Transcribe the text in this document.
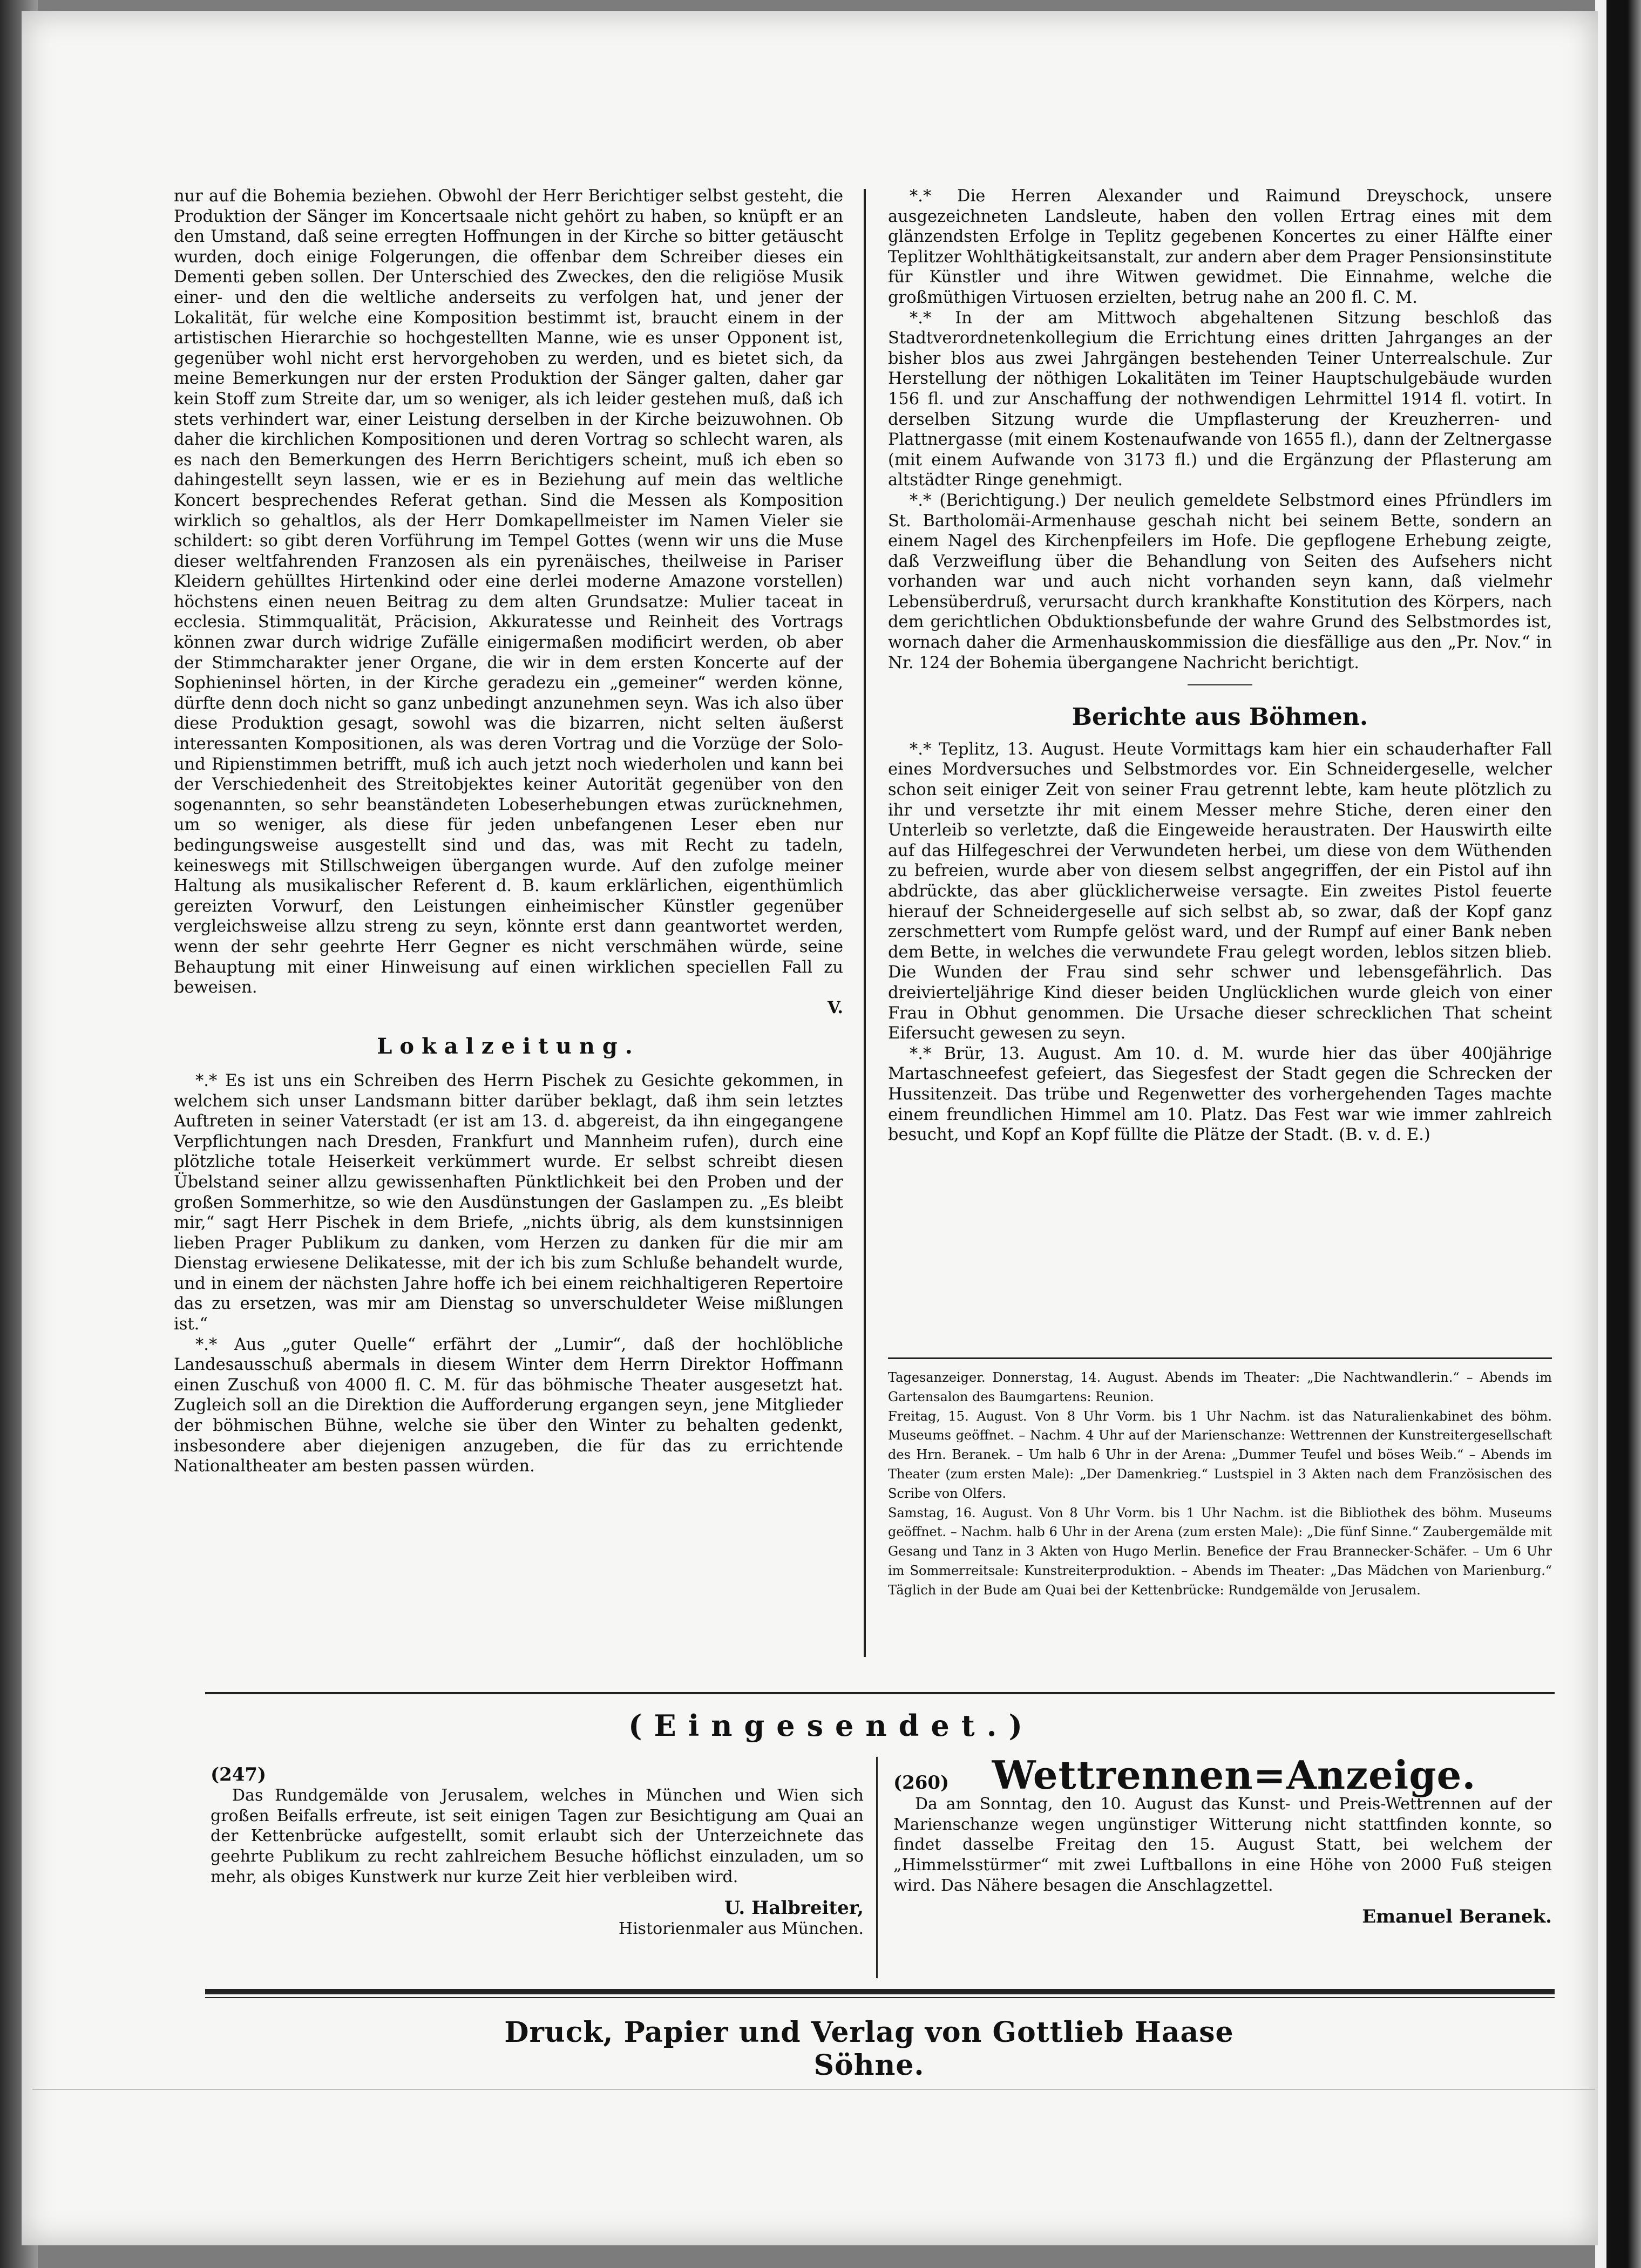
nur auf die Bohemia beziehen. Obwohl der Herr Berichtiger selbst gesteht, die Produktion der Sänger im Koncertsaale nicht gehört zu haben, so knüpft er an den Umstand, daß seine erregten Hoffnungen in der Kirche so bitter getäuscht wurden, doch einige Folgerungen, die offenbar dem Schreiber dieses ein Dementi geben sollen. Der Unterschied des Zweckes, den die religiöse Musik einer- und den die weltliche anderseits zu verfolgen hat, und jener der Lokalität, für welche eine Komposition bestimmt ist, braucht einem in der artistischen Hierarchie so hochgestellten Manne, wie es unser Opponent ist, gegenüber wohl nicht erst hervorgehoben zu werden, und es bietet sich, da meine Bemerkungen nur der ersten Produktion der Sänger galten, daher gar kein Stoff zum Streite dar, um so weniger, als ich leider gestehen muß, daß ich stets verhindert war, einer Leistung derselben in der Kirche beizuwohnen. Ob daher die kirchlichen Kompositionen und deren Vortrag so schlecht waren, als es nach den Bemerkungen des Herrn Berichtigers scheint, muß ich eben so dahingestellt seyn lassen, wie er es in Beziehung auf mein das weltliche Koncert besprechendes Referat gethan. Sind die Messen als Komposition wirklich so gehaltlos, als der Herr Domkapellmeister im Namen Vieler sie schildert: so gibt deren Vorführung im Tempel Gottes (wenn wir uns die Muse dieser weltfahrenden Franzosen als ein pyrenäisches, theilweise in Pariser Kleidern gehülltes Hirtenkind oder eine derlei moderne Amazone vorstellen) höchstens einen neuen Beitrag zu dem alten Grundsatze: Mulier taceat in ecclesia. Stimmqualität, Präcision, Akkuratesse und Reinheit des Vortrags können zwar durch widrige Zufälle einigermaßen modificirt werden, ob aber der Stimmcharakter jener Organe, die wir in dem ersten Koncerte auf der Sophieninsel hörten, in der Kirche geradezu ein „gemeiner“ werden könne, dürfte denn doch nicht so ganz unbedingt anzunehmen seyn. Was ich also über diese Produktion gesagt, sowohl was die bizarren, nicht selten äußerst interessanten Kompositionen, als was deren Vortrag und die Vorzüge der Solo- und Ripienstimmen betrifft, muß ich auch jetzt noch wiederholen und kann bei der Verschiedenheit des Streitobjektes keiner Autorität gegenüber von den sogenannten, so sehr beanständeten Lobeserhebungen etwas zurücknehmen, um so weniger, als diese für jeden unbefangenen Leser eben nur bedingungsweise ausgestellt sind und das, was mit Recht zu tadeln, keineswegs mit Stillschweigen übergangen wurde. Auf den zufolge meiner Haltung als musikalischer Referent d. B. kaum erklärlichen, eigenthümlich gereizten Vorwurf, den Leistungen einheimischer Künstler gegenüber vergleichsweise allzu streng zu seyn, könnte erst dann geantwortet werden, wenn der sehr geehrte Herr Gegner es nicht verschmähen würde, seine Behauptung mit einer Hinweisung auf einen wirklichen speciellen Fall zu beweisen.

V.
Lokalzeitung.

*.* Es ist uns ein Schreiben des Herrn Pischek zu Gesichte gekommen, in welchem sich unser Landsmann bitter darüber beklagt, daß ihm sein letztes Auftreten in seiner Vaterstadt (er ist am 13. d. abgereist, da ihn eingegangene Verpflichtungen nach Dresden, Frankfurt und Mannheim rufen), durch eine plötzliche totale Heiserkeit verkümmert wurde. Er selbst schreibt diesen Übelstand seiner allzu gewissenhaften Pünktlichkeit bei den Proben und der großen Sommerhitze, so wie den Ausdünstungen der Gaslampen zu. „Es bleibt mir,“ sagt Herr Pischek in dem Briefe, „nichts übrig, als dem kunstsinnigen lieben Prager Publikum zu danken, vom Herzen zu danken für die mir am Dienstag erwiesene Delikatesse, mit der ich bis zum Schluße behandelt wurde, und in einem der nächsten Jahre hoffe ich bei einem reichhaltigeren Repertoire das zu ersetzen, was mir am Dienstag so unverschuldeter Weise mißlungen ist.“

*.* Aus „guter Quelle“ erfährt der „Lumir“, daß der hochlöbliche Landesausschuß abermals in diesem Winter dem Herrn Direktor Hoffmann einen Zuschuß von 4000 fl. C. M. für das böhmische Theater ausgesetzt hat. Zugleich soll an die Direktion die Aufforderung ergangen seyn, jene Mitglieder der böhmischen Bühne, welche sie über den Winter zu behalten gedenkt, insbesondere aber diejenigen anzugeben, die für das zu errichtende Nationaltheater am besten passen würden.

*.* Die Herren Alexander und Raimund Dreyschock, unsere ausgezeichneten Landsleute, haben den vollen Ertrag eines mit dem glänzendsten Erfolge in Teplitz gegebenen Koncertes zu einer Hälfte einer Teplitzer Wohlthätigkeitsanstalt, zur andern aber dem Prager Pensionsinstitute für Künstler und ihre Witwen gewidmet. Die Einnahme, welche die großmüthigen Virtuosen erzielten, betrug nahe an 200 fl. C. M.

*.* In der am Mittwoch abgehaltenen Sitzung beschloß das Stadtverordnetenkollegium die Errichtung eines dritten Jahrganges an der bisher blos aus zwei Jahrgängen bestehenden Teiner Unterrealschule. Zur Herstellung der nöthigen Lokalitäten im Teiner Hauptschulgebäude wurden 156 fl. und zur Anschaffung der nothwendigen Lehrmittel 1914 fl. votirt. In derselben Sitzung wurde die Umpflasterung der Kreuzherren- und Plattnergasse (mit einem Kostenaufwande von 1655 fl.), dann der Zeltnergasse (mit einem Aufwande von 3173 fl.) und die Ergänzung der Pflasterung am altstädter Ringe genehmigt.

*.* (Berichtigung.) Der neulich gemeldete Selbstmord eines Pfründlers im St. Bartholomäi-Armenhause geschah nicht bei seinem Bette, sondern an einem Nagel des Kirchenpfeilers im Hofe. Die gepflogene Erhebung zeigte, daß Verzweiflung über die Behandlung von Seiten des Aufsehers nicht vorhanden war und auch nicht vorhanden seyn kann, daß vielmehr Lebensüberdruß, verursacht durch krankhafte Konstitution des Körpers, nach dem gerichtlichen Obduktionsbefunde der wahre Grund des Selbstmordes ist, wornach daher die Armenhauskommission die diesfällige aus den „Pr. Nov.“ in Nr. 124 der Bohemia übergangene Nachricht berichtigt.

Berichte aus Böhmen.

*.* Teplitz, 13. August. Heute Vormittags kam hier ein schauderhafter Fall eines Mordversuches und Selbstmordes vor. Ein Schneidergeselle, welcher schon seit einiger Zeit von seiner Frau getrennt lebte, kam heute plötzlich zu ihr und versetzte ihr mit einem Messer mehre Stiche, deren einer den Unterleib so verletzte, daß die Eingeweide heraustraten. Der Hauswirth eilte auf das Hilfegeschrei der Verwundeten herbei, um diese von dem Wüthenden zu befreien, wurde aber von diesem selbst angegriffen, der ein Pistol auf ihn abdrückte, das aber glücklicherweise versagte. Ein zweites Pistol feuerte hierauf der Schneidergeselle auf sich selbst ab, so zwar, daß der Kopf ganz zerschmettert vom Rumpfe gelöst ward, und der Rumpf auf einer Bank neben dem Bette, in welches die verwundete Frau gelegt worden, leblos sitzen blieb. Die Wunden der Frau sind sehr schwer und lebensgefährlich. Das dreivierteljährige Kind dieser beiden Unglücklichen wurde gleich von einer Frau in Obhut genommen. Die Ursache dieser schrecklichen That scheint Eifersucht gewesen zu seyn.

*.* Brür, 13. August. Am 10. d. M. wurde hier das über 400jährige Martaschneefest gefeiert, das Siegesfest der Stadt gegen die Schrecken der Hussitenzeit. Das trübe und Regenwetter des vorhergehenden Tages machte einem freundlichen Himmel am 10. Platz. Das Fest war wie immer zahlreich besucht, und Kopf an Kopf füllte die Plätze der Stadt. (B. v. d. E.)

Tagesanzeiger. Donnerstag, 14. August. Abends im Theater: „Die Nachtwandlerin.“ – Abends im Gartensalon des Baumgartens: Reunion.

Freitag, 15. August. Von 8 Uhr Vorm. bis 1 Uhr Nachm. ist das Naturalienkabinet des böhm. Museums geöffnet. – Nachm. 4 Uhr auf der Marienschanze: Wettrennen der Kunstreitergesellschaft des Hrn. Beranek. – Um halb 6 Uhr in der Arena: „Dummer Teufel und böses Weib.“ – Abends im Theater (zum ersten Male): „Der Damenkrieg.“ Lustspiel in 3 Akten nach dem Französischen des Scribe von Olfers.

Samstag, 16. August. Von 8 Uhr Vorm. bis 1 Uhr Nachm. ist die Bibliothek des böhm. Museums geöffnet. – Nachm. halb 6 Uhr in der Arena (zum ersten Male): „Die fünf Sinne.“ Zaubergemälde mit Gesang und Tanz in 3 Akten von Hugo Merlin. Benefice der Frau Brannecker-Schäfer. – Um 6 Uhr im Sommerreitsale: Kunstreiterproduktion. – Abends im Theater: „Das Mädchen von Marienburg.“ Täglich in der Bude am Quai bei der Kettenbrücke: Rundgemälde von Jerusalem.

(Eingesendet.)
(247)

Das Rundgemälde von Jerusalem, welches in München und Wien sich großen Beifalls erfreute, ist seit einigen Tagen zur Besichtigung am Quai an der Kettenbrücke aufgestellt, somit erlaubt sich der Unterzeichnete das geehrte Publikum zu recht zahlreichem Besuche höflichst einzuladen, um so mehr, als obiges Kunstwerk nur kurze Zeit hier verbleiben wird.

U. Halbreiter,
Historienmaler aus München.
(260) Wettrennen=Anzeige.

Da am Sonntag, den 10. August das Kunst- und Preis-Wettrennen auf der Marienschanze wegen ungünstiger Witterung nicht stattfinden konnte, so findet dasselbe Freitag den 15. August Statt, bei welchem der „Himmelsstürmer“ mit zwei Luftballons in eine Höhe von 2000 Fuß steigen wird. Das Nähere besagen die Anschlagzettel.

Emanuel Beranek.
Druck, Papier und Verlag von Gottlieb Haase Söhne.
